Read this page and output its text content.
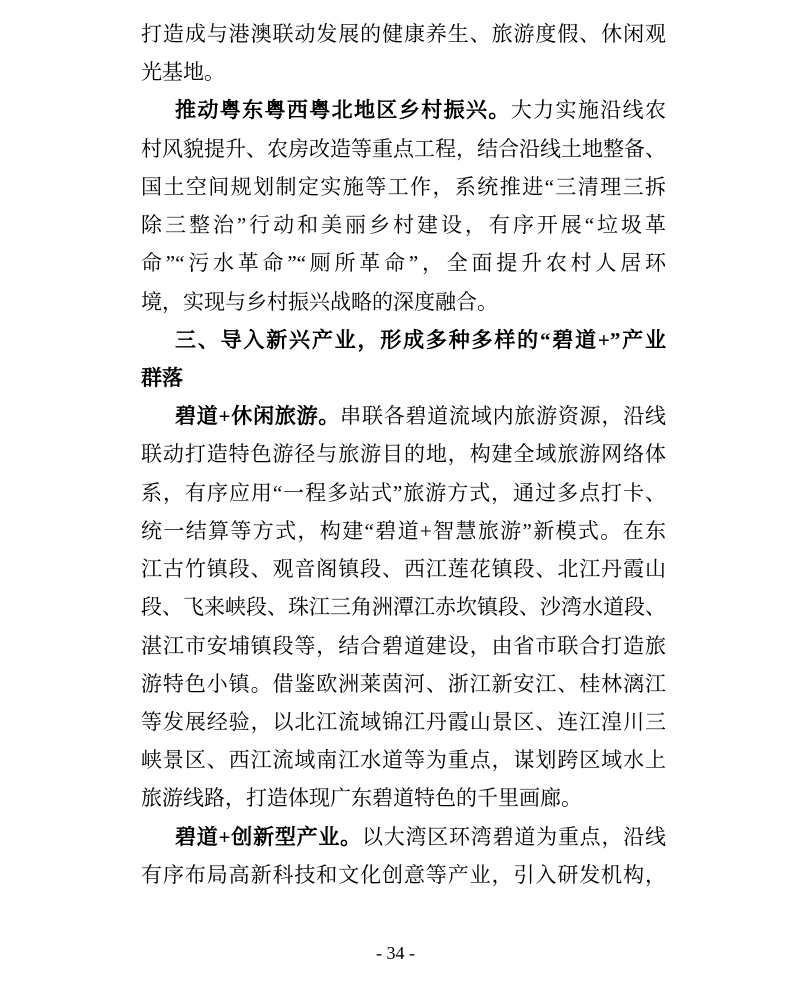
打造成与港澳联动发展的健康养生、旅游度假、休闲观
光基地。
推动粤东粤西粤北地区乡村振兴。大力实施沿线农
村风貌提升、农房改造等重点工程，结合沿线土地整备、
国土空间规划制定实施等工作，系统推进“三清理三拆
除三整治”行动和美丽乡村建设，有序开展“垃圾革
命”“污水革命”“厕所革命”，全面提升农村人居环
境，实现与乡村振兴战略的深度融合。
三、导入新兴产业，形成多种多样的“碧道+”产业
群落
碧道+休闲旅游。串联各碧道流域内旅游资源，沿线
联动打造特色游径与旅游目的地，构建全域旅游网络体
系，有序应用“一程多站式”旅游方式，通过多点打卡、
统一结算等方式，构建“碧道+智慧旅游”新模式。在东
江古竹镇段、观音阁镇段、西江莲花镇段、北江丹霞山
段、飞来峡段、珠江三角洲潭江赤坎镇段、沙湾水道段、
湛江市安埔镇段等，结合碧道建设，由省市联合打造旅
游特色小镇。借鉴欧洲莱茵河、浙江新安江、桂林漓江
等发展经验，以北江流域锦江丹霞山景区、连江湟川三
峡景区、西江流域南江水道等为重点，谋划跨区域水上
旅游线路，打造体现广东碧道特色的千里画廊。
碧道+创新型产业。以大湾区环湾碧道为重点，沿线
有序布局高新科技和文化创意等产业，引入研发机构，
- 34 -
